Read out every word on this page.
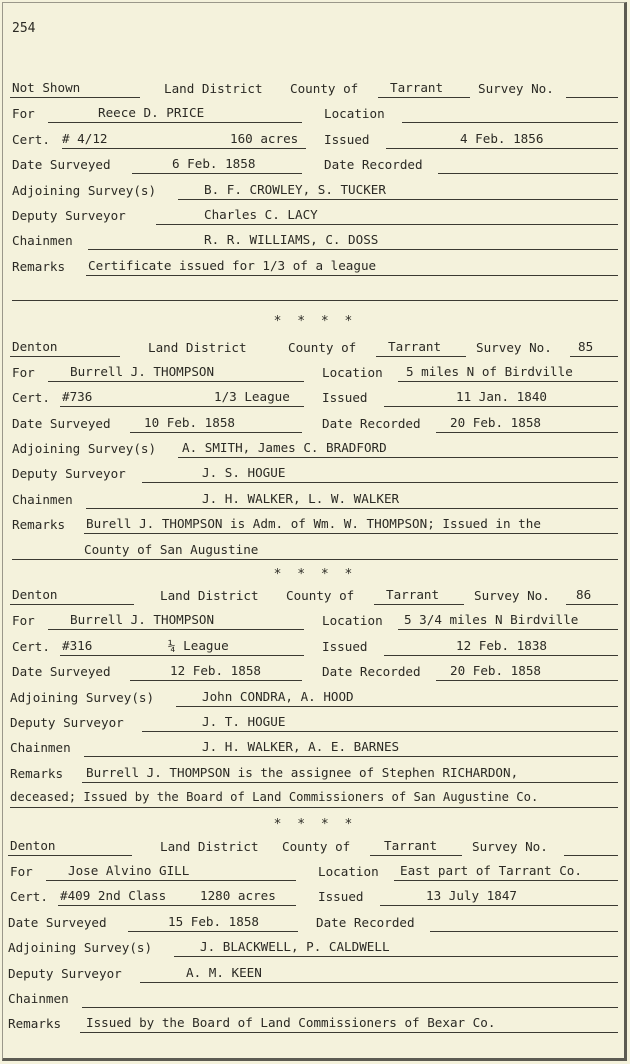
254
Not Shown	Land District County of	Tarrant	Survey No.
For	Reece D. PRICE	Location
Cert. # 4/12	160 acres	Issued	4 Feb. 1856
Date Surveyed	6 Feb. 1858	Date Recorded
Adjoining Survey(s)	B. F. CROWLEY, S. TUCKER
Deputy Surveyor	Charles C. LACY
Chainmen	R. R. WILLIAMS, C. DOSS
Remarks Certificate issued for 1/3 of a league
* * * *
Denton	Land District	County of	Tarrant	Survey No.	85
For	Burrell J. THOMPSON	Location	5 miles N of Birdville
Cert. #736	1/3 League	Issued	11 Jan. 1840
Date Surveyed	10 Feb. 1858	Date Recorded	20 Feb. 1858
Adjoining Survey(s)	A. SMITH, James C. BRADFORD
Deputy Surveyor	J. S. HOGUE
Chainmen	J. H. WALKER, L. W. WALKER
Remarks Burell J. THOMPSON is Adm. of Wm. W. THOMPSON; Issued in the
County of San Augustine
* * * *
Denton	Land District County of	Tarrant	Survey No.	86
For	Burrell J. THOMPSON	Location	5 3/4 miles N Birdville
Cert. #316	¼ League	Issued	12 Feb. 1838
Date Surveyed	12 Feb. 1858	Date Recorded	20 Feb. 1858
Adjoining Survey(s)	John CONDRA, A. HOOD
Deputy Surveyor	J. T. HOGUE
Chainmen	J. H. WALKER, A. E. BARNES
Remarks	Burrell J. THOMPSON is the assignee of Stephen RICHARDON,
deceased; Issued by the Board of Land Commissioners of San Augustine Co.
* * * *
Denton	Land District County of	Tarrant	Survey No.
For	Jose Alvino GILL	Location	East part of Tarrant Co.
Cert. #409 2nd Class	1280 acres	Issued	13 July 1847
Date Surveyed	15 Feb. 1858	Date Recorded
Adjoining Survey(s)	J. BLACKWELL, P. CALDWELL
Deputy Surveyor	A. M. KEEN
Chainmen
Remarks	Issued by the Board of Land Commissioners of Bexar Co.
